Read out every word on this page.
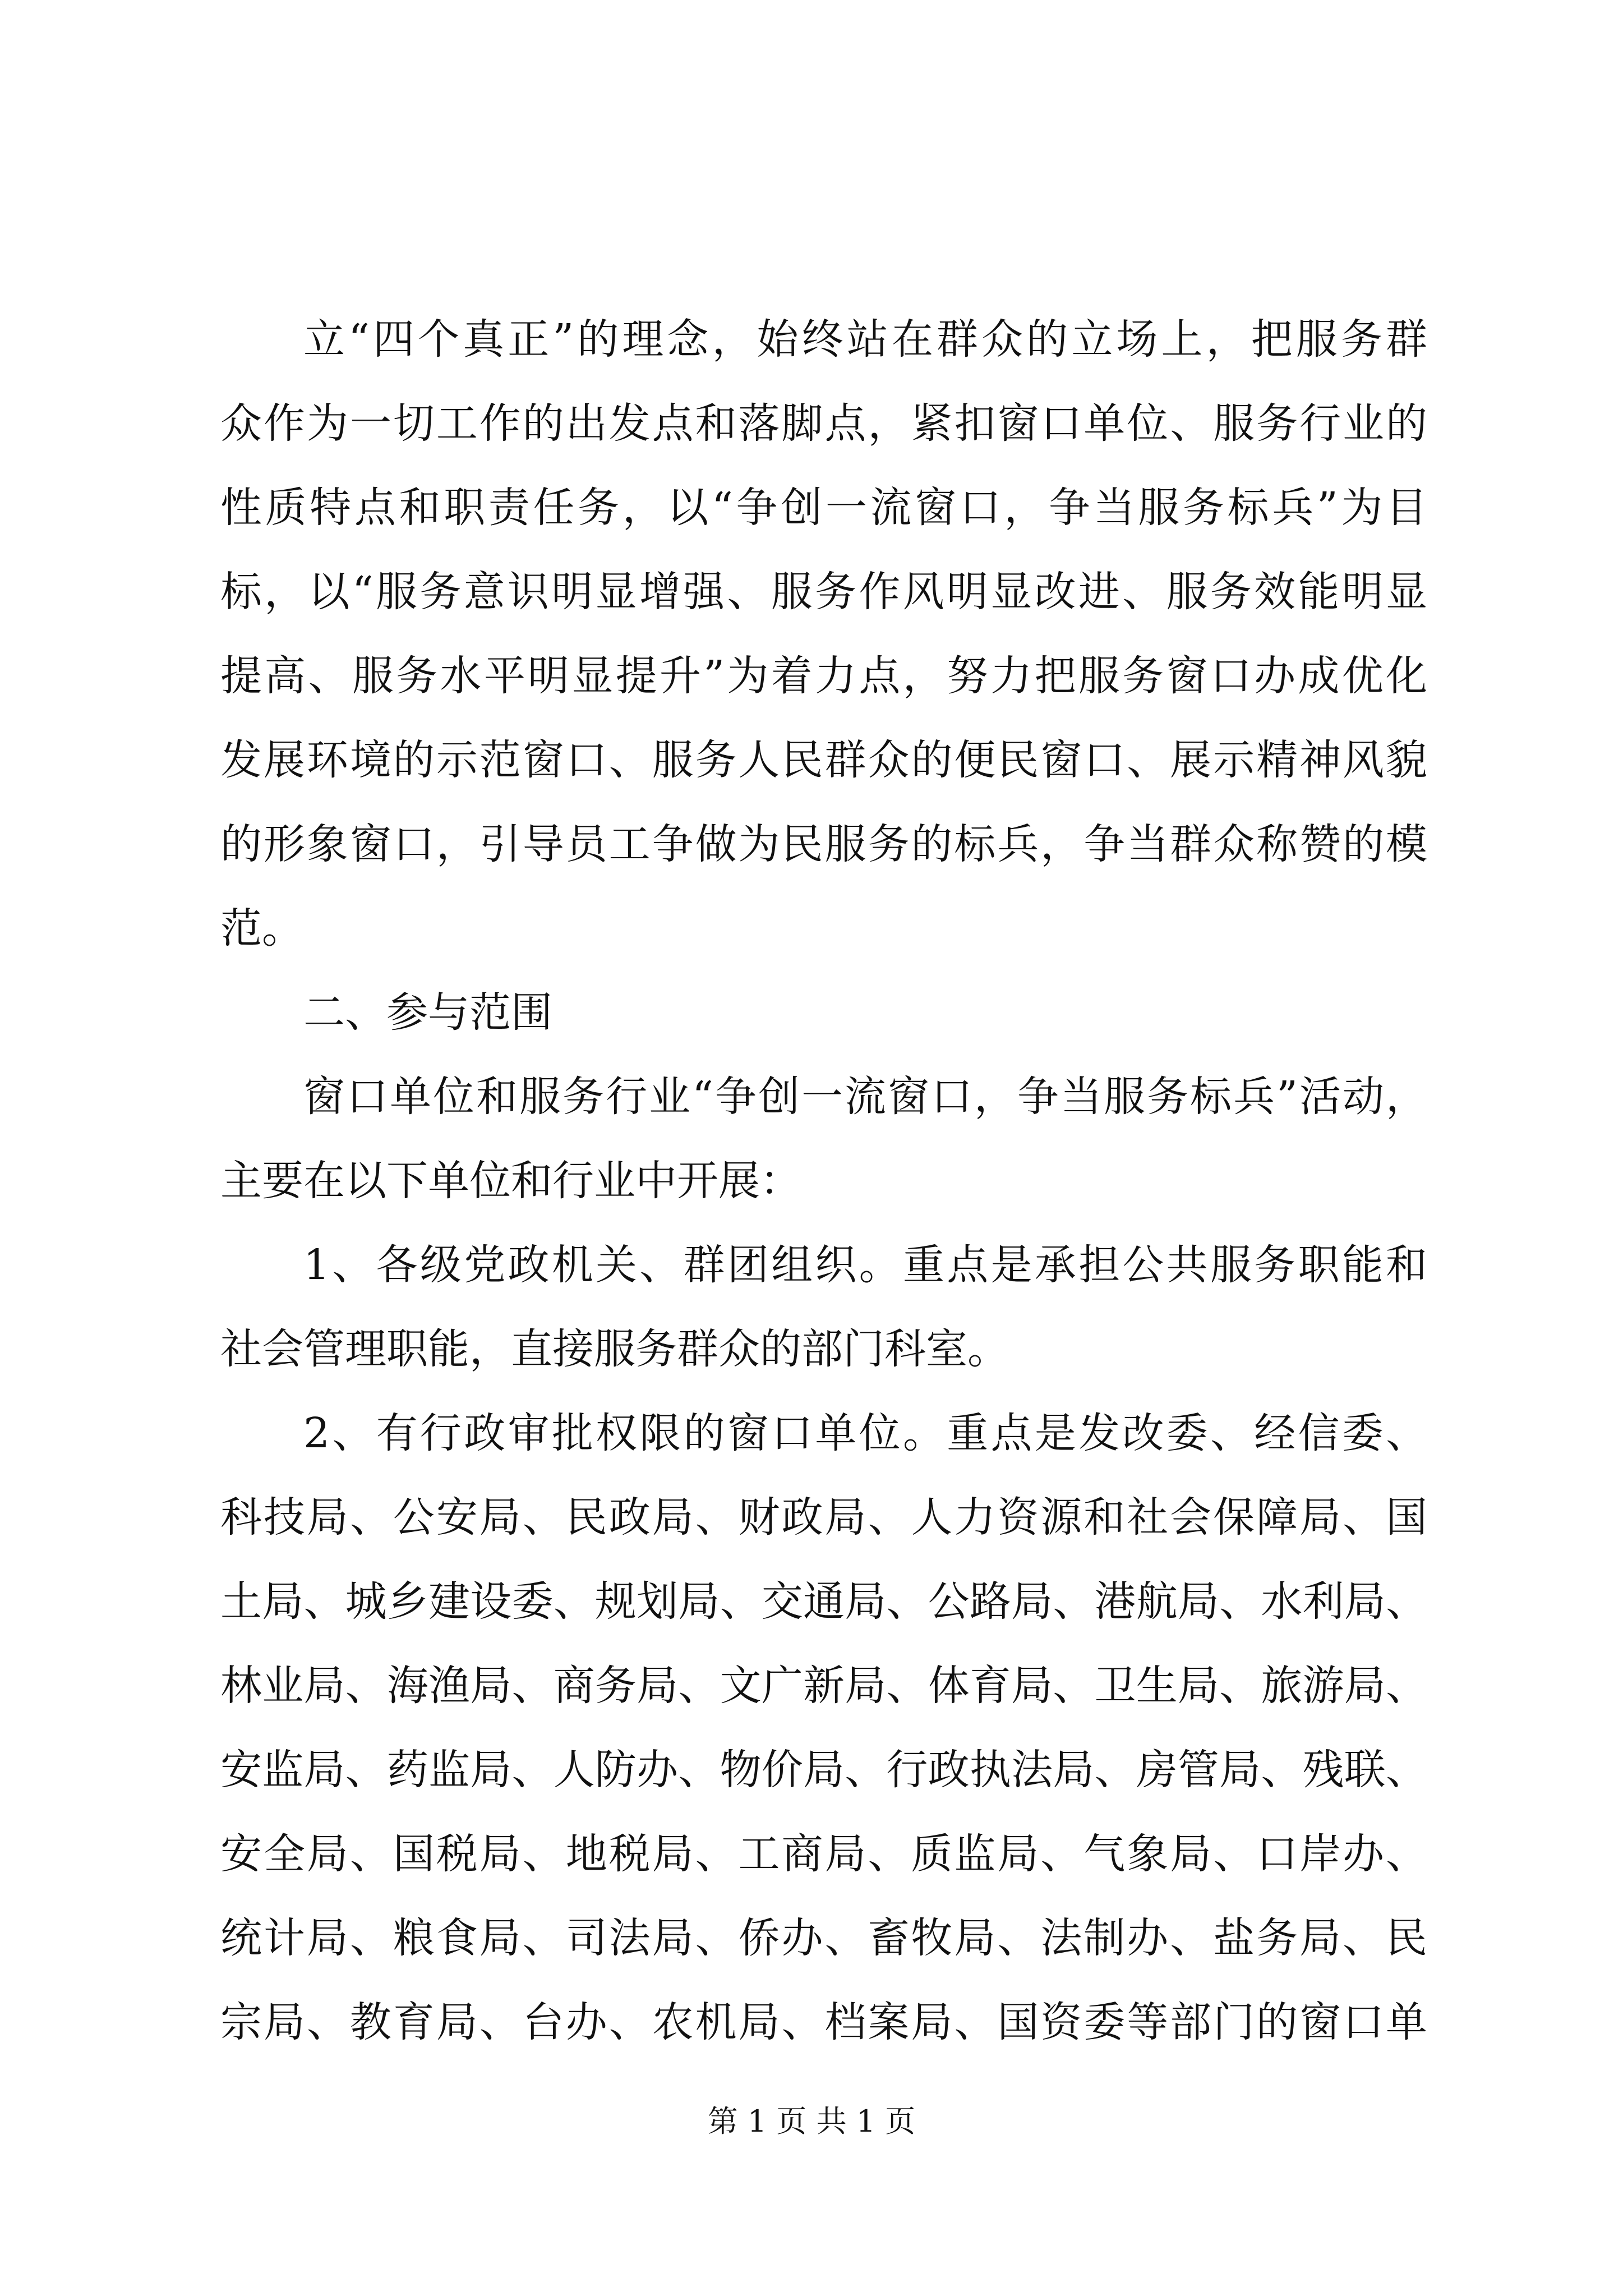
立“四个真正”的理念，始终站在群众的立场上，把服务群
众作为一切工作的出发点和落脚点，紧扣窗口单位、服务行业的
性质特点和职责任务，以“争创一流窗口，争当服务标兵”为目
标，以“服务意识明显增强、服务作风明显改进、服务效能明显
提高、服务水平明显提升”为着力点，努力把服务窗口办成优化
发展环境的示范窗口、服务人民群众的便民窗口、展示精神风貌
的形象窗口，引导员工争做为民服务的标兵，争当群众称赞的模
范。
二、参与范围
窗口单位和服务行业“争创一流窗口，争当服务标兵”活动，
主要在以下单位和行业中开展：
1、各级党政机关、群团组织。重点是承担公共服务职能和
社会管理职能，直接服务群众的部门科室。
2、有行政审批权限的窗口单位。重点是发改委、经信委、
科技局、公安局、民政局、财政局、人力资源和社会保障局、国
土局、城乡建设委、规划局、交通局、公路局、港航局、水利局、
林业局、海渔局、商务局、文广新局、体育局、卫生局、旅游局、
安监局、药监局、人防办、物价局、行政执法局、房管局、残联、
安全局、国税局、地税局、工商局、质监局、气象局、口岸办、
统计局、粮食局、司法局、侨办、畜牧局、法制办、盐务局、民
宗局、教育局、台办、农机局、档案局、国资委等部门的窗口单
第 1 页 共 1 页
